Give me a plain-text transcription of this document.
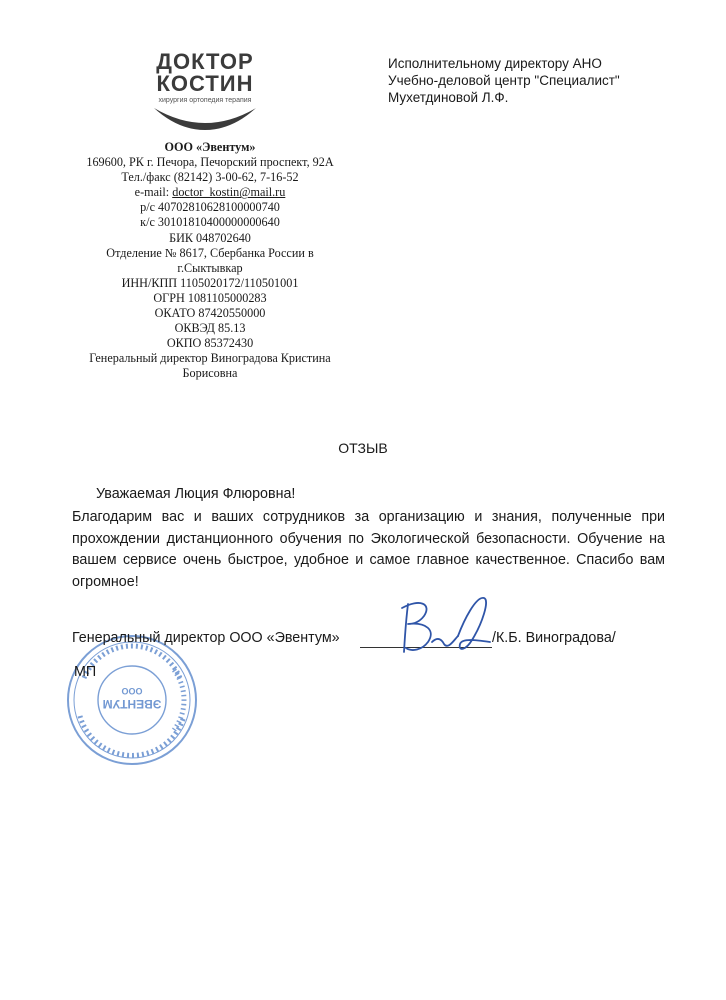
ДОКТОР
КОСТИН
хирургия ортопедия терапия
ООО «Эвентум»
169600, РК г. Печора, Печорский проспект, 92А
Тел./факс (82142) 3-00-62, 7-16-52
e-mail: doctor_kostin@mail.ru
р/с 40702810628100000740
к/с 30101810400000000640
БИК 048702640
Отделение № 8617, Сбербанка России в
г.Сыктывкар
ИНН/КПП 1105020172/110501001
ОГРН 1081105000283
ОКАТО 87420550000
ОКВЭД 85.13
ОКПО 85372430
Генеральный директор Виноградова Кристина
Борисовна
Исполнительному директору АНО
Учебно-деловой центр "Специалист"
Мухетдиновой Л.Ф.
ОТЗЫВ
Уважаемая Люция Флюровна!
Благодарим вас и ваших сотрудников за организацию и знания, полученные при прохождении дистанционного обучения по Экологической безопасности. Обучение на вашем сервисе очень быстрое, удобное и самое главное качественное. Спасибо вам огромное!
ООО
ЭВЕНТУМ
Генеральный директор ООО «Эвентум»	/К.Б. Виноградова/
МП
